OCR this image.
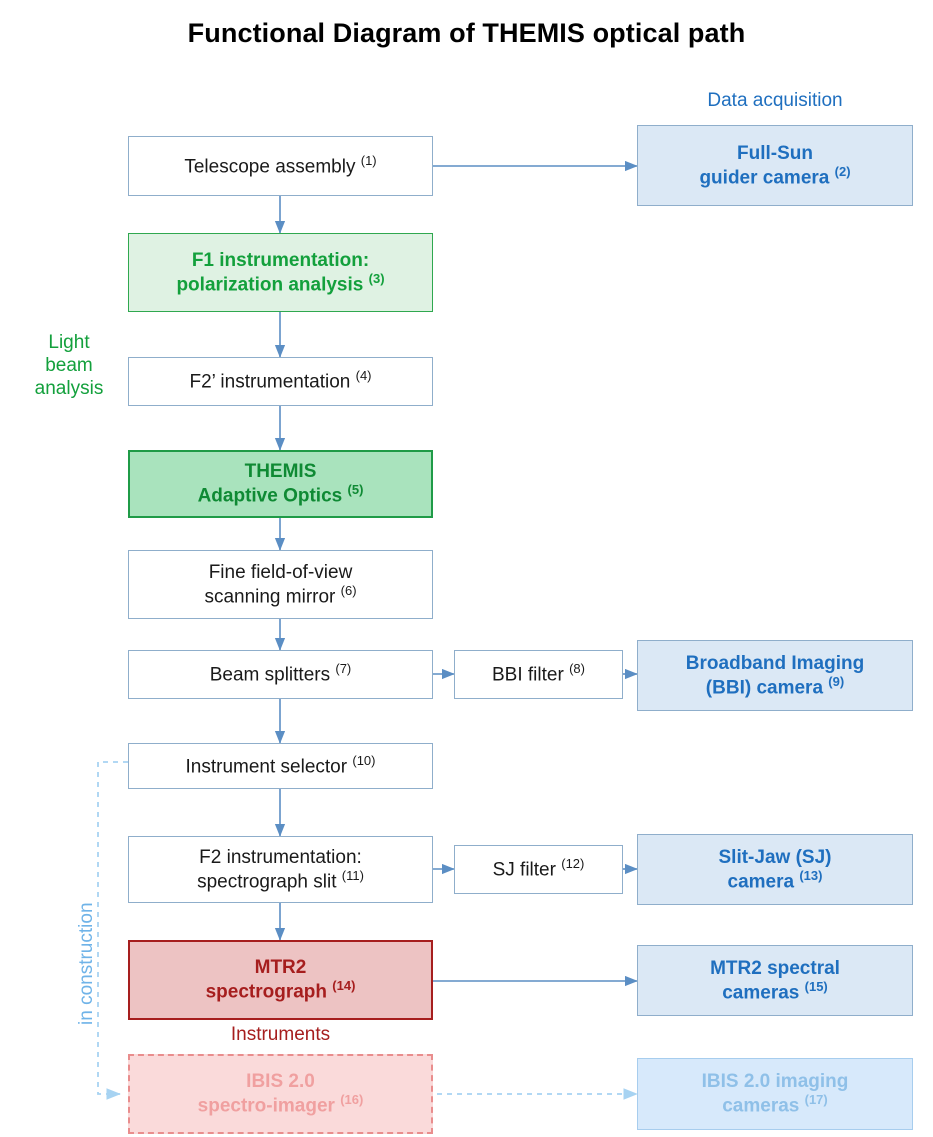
Functional Diagram of THEMIS optical path
Data acquisition
Light
beam
analysis
Instruments
in construction
Telescope assembly $^{(1)}$	Full-Sun
guider camera $^{(2)}$
F1 instrumentation:
polarization analysis $^{(3)}$
F2’ instrumentation $^{(4)}$
THEMIS
Adaptive Optics $^{(5)}$
Fine field-of-view
scanning mirror $^{(6)}$
Beam splitters $^{(7)}$	BBI filter $^{(8)}$	Broadband Imaging
(BBI) camera $^{(9)}$
Instrument selector $^{(10)}$
F2 instrumentation:
spectrograph slit $^{(11)}$	SJ filter $^{(12)}$	Slit-Jaw (SJ)
camera $^{(13)}$
MTR2
spectrograph $^{(14)}$
MTR2 spectral
cameras $^{(15)}$
IBIS 2.0
spectro-imager $^{(16)}$
IBIS 2.0 imaging
cameras $^{(17)}$
